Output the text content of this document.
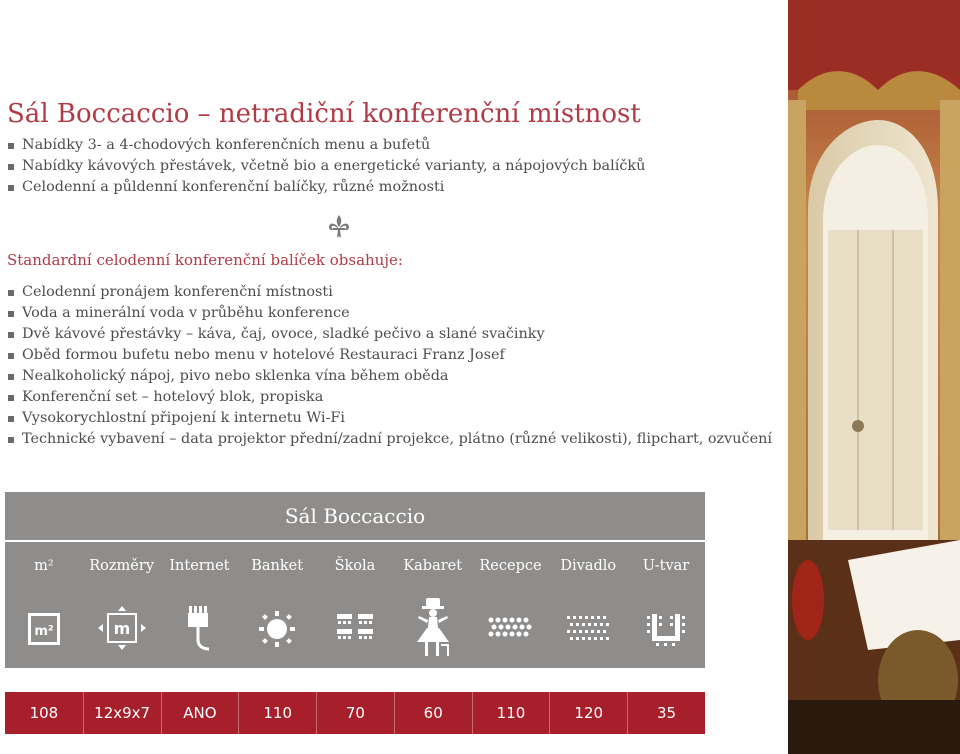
Sál Boccaccio – netradiční konferenční místnost
Nabídky 3- a 4-chodových konferenčních menu a bufetů
Nabídky kávových přestávek, včetně bio a energetické varianty, a nápojových balíčků
Celodenní a půldenní konferenční balíčky, různé možnosti
Standardní celodenní konferenční balíček obsahuje:
Celodenní pronájem konferenční místnosti
Voda a minerální voda v průběhu konference
Dvě kávové přestávky – káva, čaj, ovoce, sladké pečivo a slané svačinky
Oběd formou bufetu nebo menu v hotelové Restauraci Franz Josef
Nealkoholický nápoj, pivo nebo sklenka vína během oběda
Konferenční set – hotelový blok, propiska
Vysokorychlostní připojení k internetu Wi-Fi
Technické vybavení – data projektor přední/zadní projekce, plátno (různé velikosti), flipchart, ozvučení
Sál Boccaccio
m²	Rozměry	Internet	Banket	Škola	Kabaret	Recepce	Divadlo	U-tvar
m²	m
108	12x9x7	ANO	110	70	60	110	120	35
